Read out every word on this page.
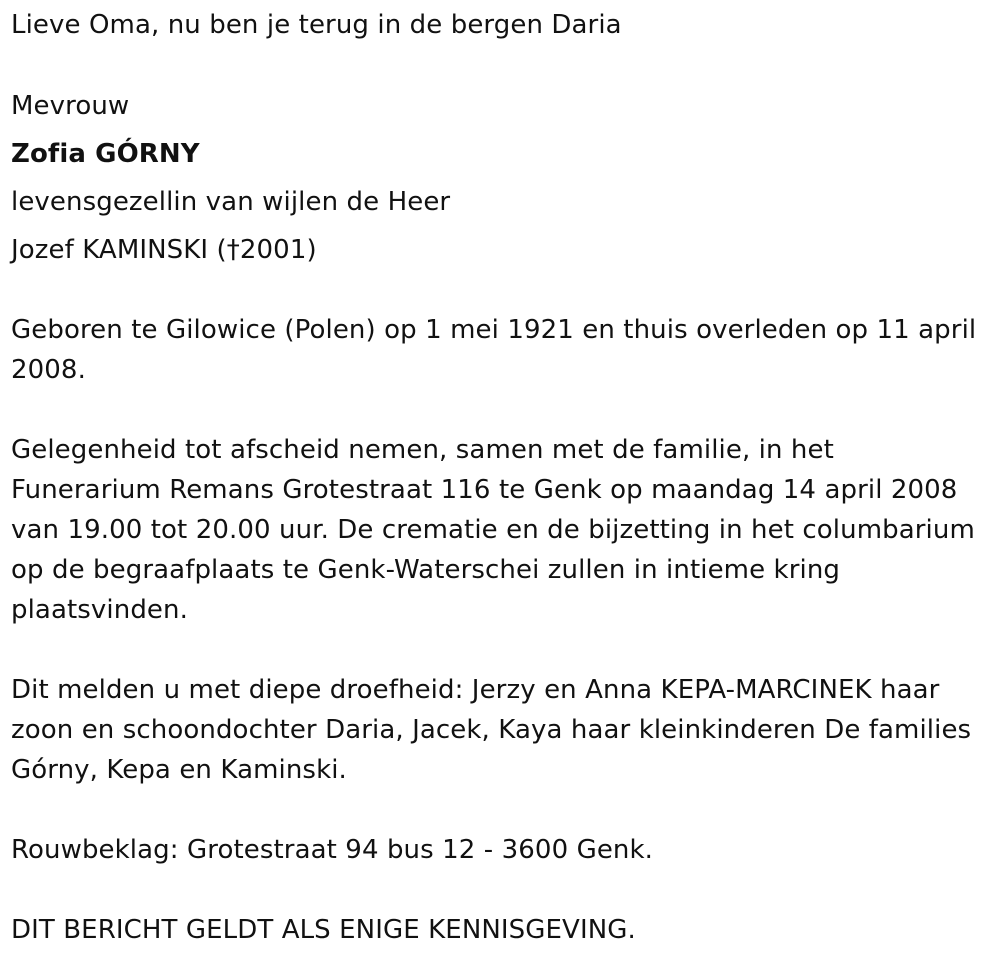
Lieve Oma, nu ben je terug in de bergen Daria
Mevrouw
Zofia GÓRNY
levensgezellin van wijlen de Heer
Jozef KAMINSKI (†2001)
Geboren te Gilowice (Polen) op 1 mei 1921 en thuis overleden op 11 april 2008.
Gelegenheid tot afscheid nemen, samen met de familie, in het Funerarium Remans Grotestraat 116 te Genk op maandag 14 april 2008 van 19.00 tot 20.00 uur. De crematie en de bijzetting in het columbarium op de begraafplaats te Genk-Waterschei zullen in intieme kring plaatsvinden.
Dit melden u met diepe droefheid: Jerzy en Anna KEPA-MARCINEK haar zoon en schoondochter Daria, Jacek, Kaya haar kleinkinderen De families Górny, Kepa en Kaminski.
Rouwbeklag: Grotestraat 94 bus 12 - 3600 Genk.
DIT BERICHT GELDT ALS ENIGE KENNISGEVING.
